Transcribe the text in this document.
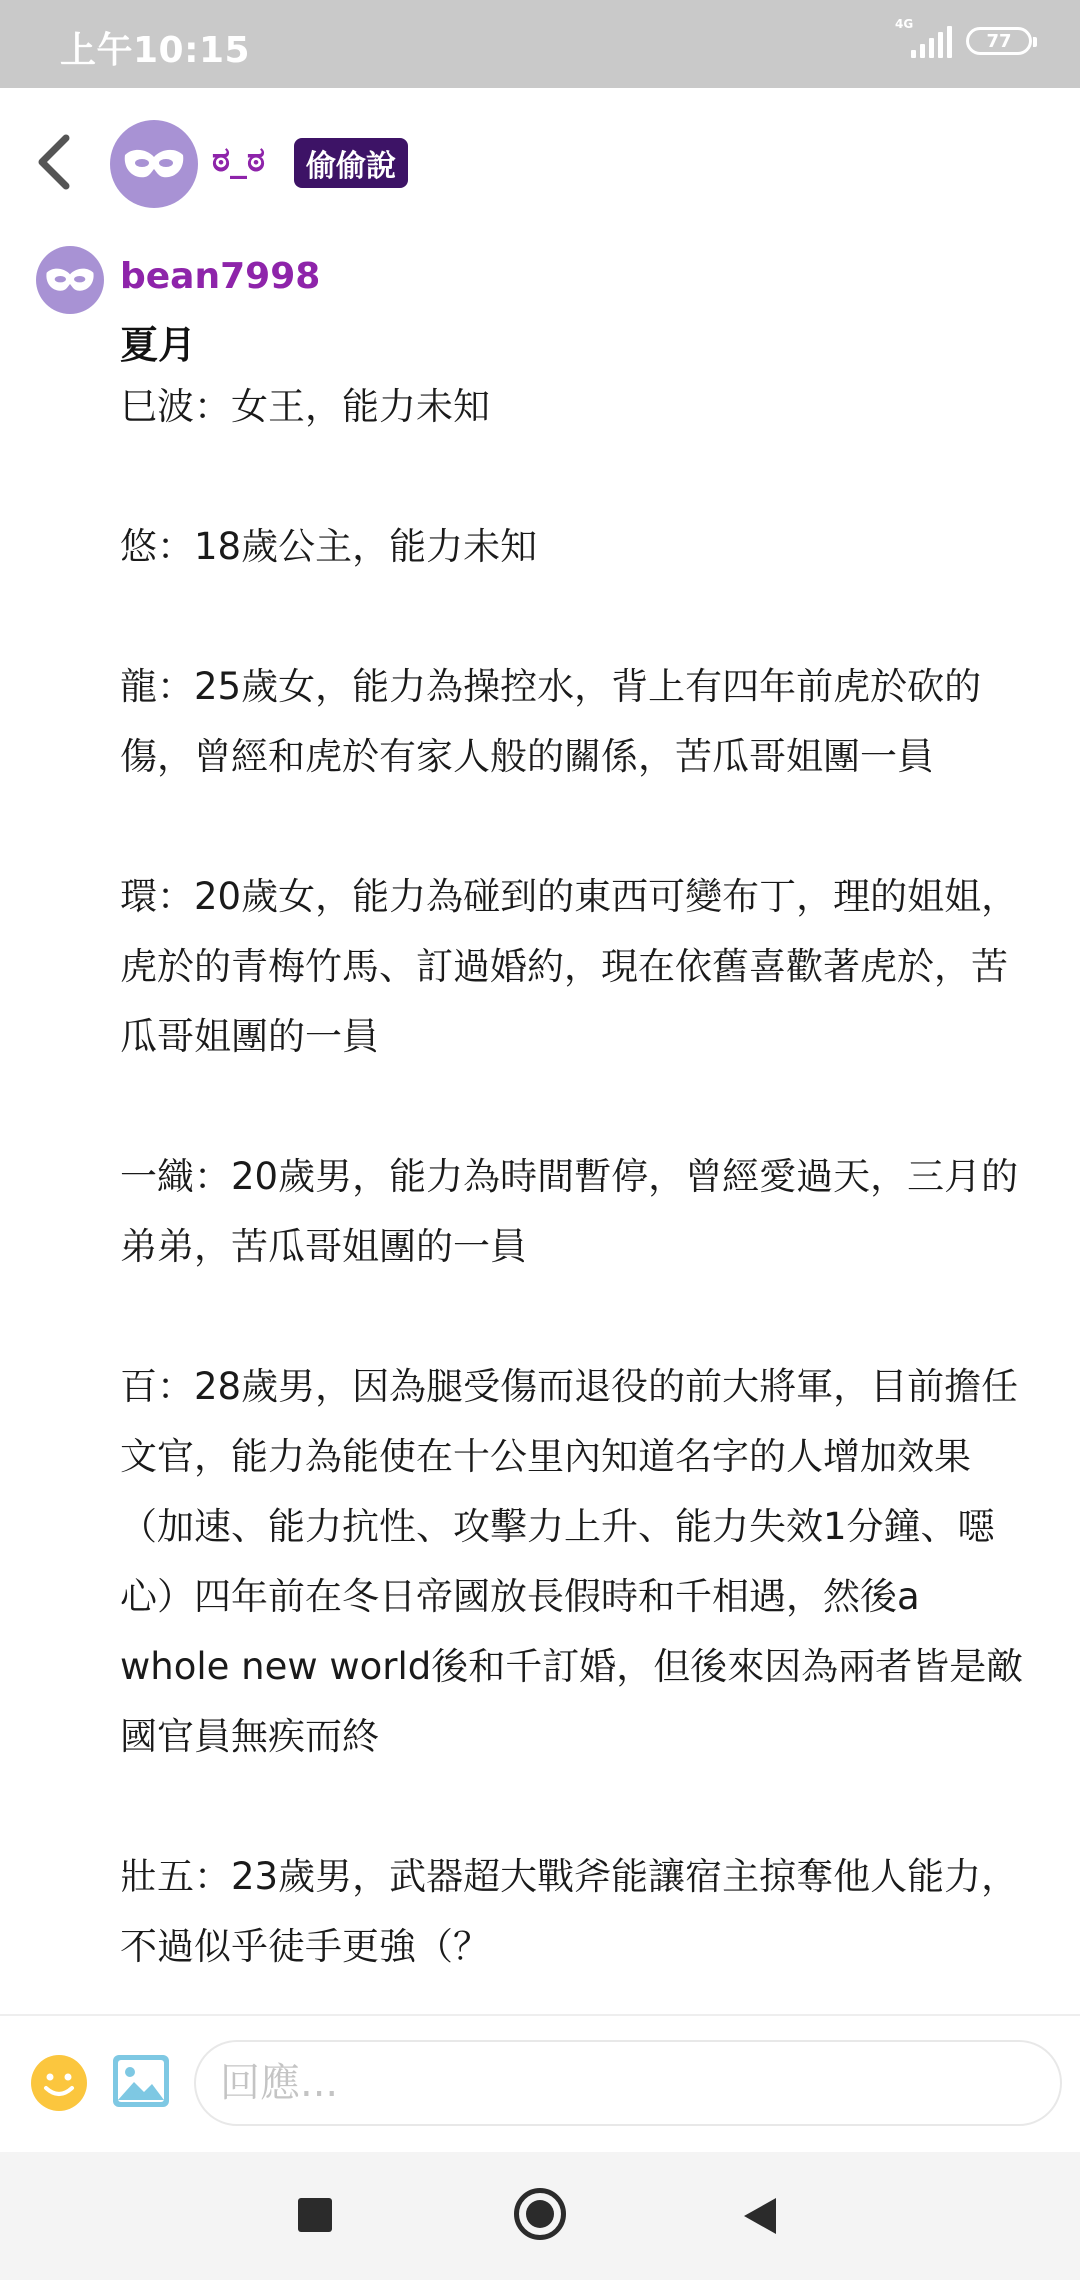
上午10:15
4G
77
ಠ_ಠ	偷偷說
bean7998
夏月

巳波：女王，能力未知

悠：18歲公主，能力未知

龍：25歲女，能力為操控水，背上有四年前虎於砍的傷，曾經和虎於有家人般的關係，苦瓜哥姐團一員

環：20歲女，能力為碰到的東西可變布丁，理的姐姐，虎於的青梅竹馬、訂過婚約，現在依舊喜歡著虎於，苦瓜哥姐團的一員

一織：20歲男，能力為時間暫停，曾經愛過天，三月的弟弟，苦瓜哥姐團的一員

百：28歲男，因為腿受傷而退役的前大將軍，目前擔任文官，能力為能使在十公里內知道名字的人增加效果（加速、能力抗性、攻擊力上升、能力失效1分鐘、噁心）四年前在冬日帝國放長假時和千相遇，然後a whole new world後和千訂婚，但後來因為兩者皆是敵國官員無疾而終

壯五：23歲男，武器超大戰斧能讓宿主掠奪他人能力，不過似乎徒手更強（？

回應...
